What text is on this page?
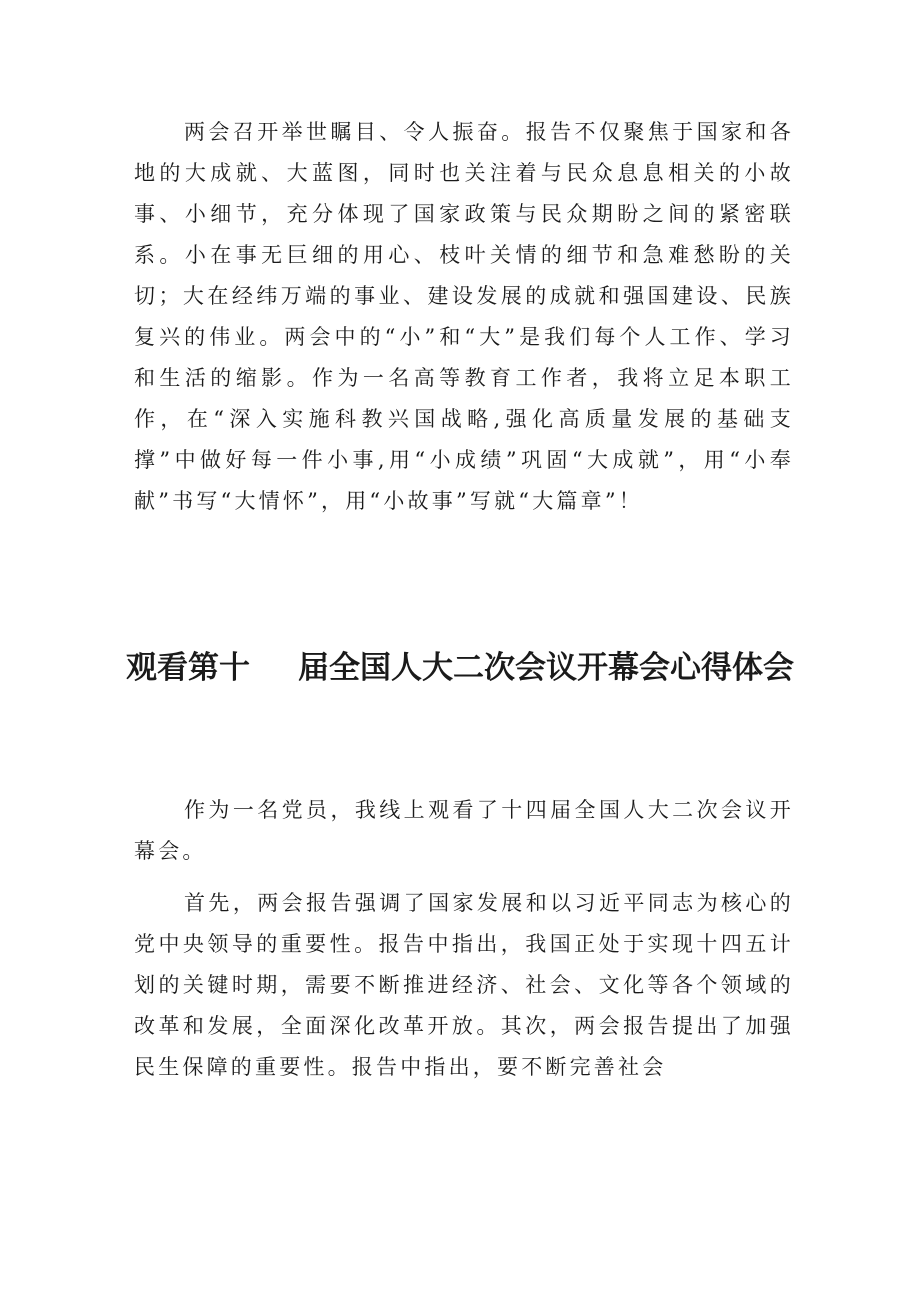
两会召开举世瞩目、令人振奋。报告不仅聚焦于国家和各地的大成就、大蓝图，同时也关注着与民众息息相关的小故事、小细节，充分体现了国家政策与民众期盼之间的紧密联系。小在事无巨细的用心、枝叶关情的细节和急难愁盼的关切；大在经纬万端的事业、建设发展的成就和强国建设、民族复兴的伟业。两会中的“小”和“大”是我们每个人工作、学习和生活的缩影。作为一名高等教育工作者，我将立足本职工作，在“深入实施科教兴国战略,强化高质量发展的基础支撑”中做好每一件小事,用“小成绩”巩固“大成就”，用“小奉献”书写“大情怀”，用“小故事”写就“大篇章”！

观看第十 届全国人大二次会议开幕会心得体会

作为一名党员，我线上观看了十四届全国人大二次会议开幕会。

首先，两会报告强调了国家发展和以习近平同志为核心的党中央领导的重要性。报告中指出，我国正处于实现十四五计划的关键时期，需要不断推进经济、社会、文化等各个领域的改革和发展，全面深化改革开放。其次，两会报告提出了加强民生保障的重要性。报告中指出，要不断完善社会
